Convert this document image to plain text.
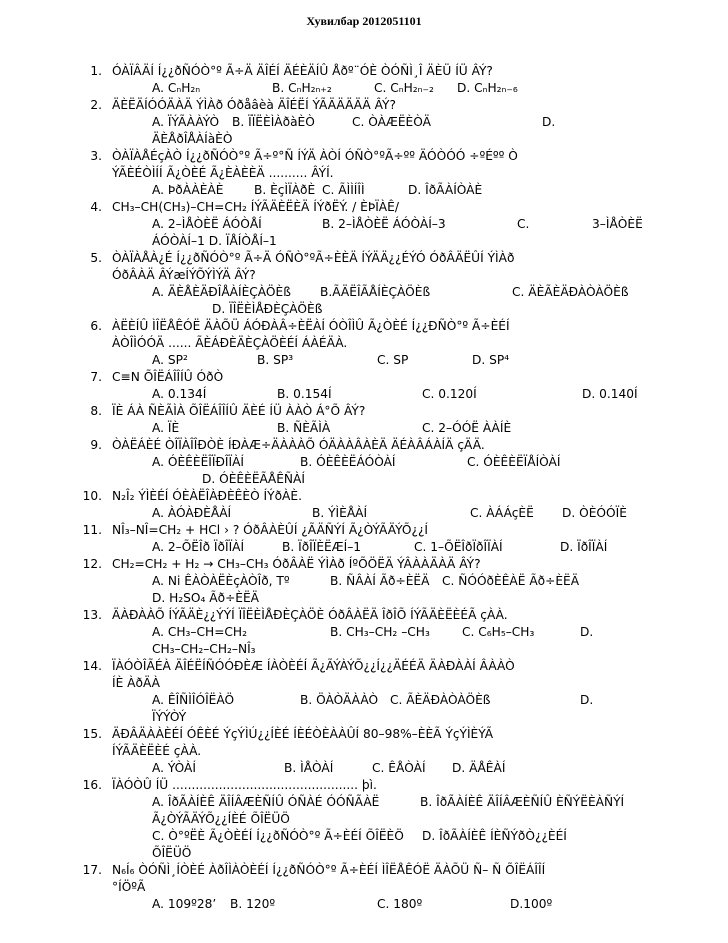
Хувилбар 2012051101
1. ÓÀÏÂÄÍ Í¿¿ðÑÓÒ°º Ã÷Ä ÄÎÉÍ ÄÉÈÄÍÛ Åðº¨ÓÈ ÒÓÑÌ¸Î ÄÈÜ ÍÜ ÂÝ?
A. CₙH₂ₙ	B. CₙH₂ₙ₊₂	C. CₙH₂ₙ₋₂ D. CₙH₂ₙ₋₆
2. ÄÈËÄÍÓÓÄÀÄ ÝÌÀð Óðåâèà ÄÎÉËÍ ÝÃÄÄÄÄÄ ÂÝ?
A. ÏÝÃÀÀÝÒ B. ÏÏËÈÌÀðàÈÒ	C. ÒÀÆËÈÒÄ	D.
ÄÈÅðÎÅÀÍàÈÒ
3. ÒÀÏÀÅÉçÀÒ Í¿¿ðÑÓÒ°º Ã÷º°Ñ ÍÝÄ ÀÒÍ ÓÑÒ°ºÃ÷ºº ÄÓÒÓÓ ÷ºÉºº Ò
ÝÃÈÉÒÌÍÍ Ã¿ÒÈÉ Ã¿ÈÀÈÈÄ .......... ÂÝÍ.
A. ÞðÀÀÈÀÈ	B. ÈçÌÏÀðÈ C. ÃÌÌÍÎÌ	D. ÎðÃÀÍÒÀÈ
4. CH₃–CH(CH₃)–CH=CH₂ ÍÝÃÄÈËÈÄ ÍÝðËÝ. / ÈÞÏÀÊ/
A. 2–ÌÅÒÈË ÁÓÒÅÍ	B. 2–ÌÅÒÈË ÁÓÒÀÍ–3	C.	3–ÌÅÒÈË
ÁÓÒÀÍ–1 D. ÏÅÍÒÅÍ–1
5. ÒÀÏÀÅÀ¿É Í¿¿ðÑÓÒ°º Ã÷Ä ÓÑÒ°ºÃ÷ÈÈÄ ÍÝÄÄ¿¿ÉÝÓ ÓðÂÄËÛÍ ÝÌÀð
ÓðÂÀÄ ÂÝæÍÝÕÝÌÝÄ ÂÝ?
A. ÄÈÅÈÄÐÎÅÀÍÈÇÀÖÈß B.ÃÄËÎÃÅÍÈÇÀÖÈß	C. ÄÈÃÈÄÐÀÒÀÖÈß
D. ÏÎËÈÌÅÐÈÇÀÖÈß
6. ÀËÈÍÛ ÌÎËÅÊÓË ÄÀÕÜ ÁÓÐÀÂ÷ÈËÀÍ ÓÒÎÌÛ Ã¿ÒÈÉ Í¿¿ÐÑÒ°º Ã÷ÈÉÍ
ÀÒÎÌÓÓÄ ...... ÃÈÁÐÈÄÈÇÀÖÈÉÍ ÁÀÉÄÀ.
A. SP²	B. SP³	C. SP	D. SP⁴
7. C≡N ÕÎËÁÎÎÍÛ ÓðÒ
A. 0.134Í	B. 0.154Í	C. 0.120Í	D. 0.140Í
8. ÏÈ ÁÀ ÑÈÃÌÀ ÕÎËÁÎÎÍÛ ÄÈÉ ÍÜ ÀÀÒ Á°Õ ÂÝ?
A. ÏÈ	B. ÑÈÃÌÀ	C. 2–ÓÓË ÀÀÍÈ
9. ÒÀËÁÈÉ ÒÎÏÀÎÎÐÒÈ ÍÐÀÆ÷ÄÀÀÀÕ ÓÄÀÀÂÀÈÄ ÄÉÀÂÁÀÍÄ çÄÄ.
A. ÓÈÊÈËÎÏÐÎÏÀÍ	B. ÓÈÊÈËÁÓÒÀÍ	C. ÓÈÊÈËÏÅÍÒÀÍ
D. ÓÈÊÈËÃÅÊÑÀÍ
10. N₂Î₂ ÝÌÈÉÍ ÓÈÀËÎÀÐÈÊÈÒ ÍÝðÀÈ.
A. ÀÓÀÐÈÅÀÍ	B. ÝÌÈÅÀÍ	C. ÀÁÁçÈË D. ÒÈÓÓÏÈ
11. NÎ₃–NÎ=CH₂ + HCl › ? ÓðÂÀÈÛÍ ¿ÃÄÑÝÍ Ã¿ÒÝÃÄÝÕ¿¿Í
A. 2–ÕËÎð ÏðÎÏÀÍ	B. ÏðÎÏÈËÆÍ–1	C. 1–ÕËÎðÏðÎÏÀÍ	D. ÏðÎÏÀÍ
12. CH₂=CH₂ + H₂ → CH₃–CH₃ ÓðÂÀË ÝÌÀð ÍºÕÖËÄ ÝÂÀÀÄÀÄ ÂÝ?
A. Ni ÊÀÒÀËÈçÀÒÎð, Tº	B. ÑÂÀÍ Ãð÷ÈËÄ C. ÑÓÓðÈÊÀË Ãð÷ÈËÄ
D. H₂SO₄ Ãð÷ÈËÄ
13. ÄÀÐÀÀÕ ÍÝÃÄÈ¿¿ÝÝÍ ÏÎËÈÌÅÐÈÇÀÖÈ ÓðÂÀËÄ ÎðÎÕ ÍÝÃÄÈËÈÉÃ çÀÀ.
A. CH₃–CH=CH₂	B. CH₃–CH₂ –CH₃	C. C₆H₅–CH₃	D.
CH₃–CH₂–CH₂–NÎ₃
14. ÏÀÓÒÎÃÉÀ ÄÎÉËÍÑÓÓÐÈÆ ÍÀÒÈÉÍ Ã¿ÃÝÀÝÕ¿¿Í¿¿ÄÉÉÄ ÄÀÐÀÀÍ ÂÀÀÒ
ÍÈ ÀðÄÀ
A. ÊÎÑÌÎÓÎËÀÖ	B. ÖÀÒÄÀÀÒ C. ÃÈÄÐÀÒÀÖÈß	D.
ÏÝÝÒÝ
15. ÄÐÂÄÀÀÈÉÍ ÓÊÈÉ ÝçÝÌÚ¿¿ÍÈÉ ÍÈÉÒÈÀÀÛÍ 80–98%–ÈÈÃ ÝçÝÌÈÝÃ
ÍÝÃÄÈËÈÉ çÀÀ.
A. ÝÒÀÍ	B. ÌÅÒÀÍ	C. ÊÅÒÀÍ D. ÄÅÊÀÍ
16. ÏÀÓÒÛ ÍÜ ................................................ þì.
A. ÎðÃÀÍÈÊ ÄÎÍÂÆÈÑÍÛ ÓÑÀÉ ÓÓÑÃÀË	B. ÎðÃÀÍÈÊ ÄÎÍÂÆÈÑÍÛ ÈÑÝËÈÀÑÝÍ
Ã¿ÒÝÃÄÝÕ¿¿ÍÈÉ ÕÎËÜÖ
C. Ò°ºËÈ Ã¿ÒÈÉÍ Í¿¿ðÑÓÒ°º Ã÷ÈÉÍ ÕÎËÈÖ D. ÎðÃÀÍÈÊ ÍÈÑÝðÒ¿¿ÈÉÍ
ÕÎËÜÖ
17. N₆Í₆ ÒÓÑÌ¸ÍÒÈÉ ÀðÎÌÀÒÈÉÍ Í¿¿ðÑÓÒ°º Ã÷ÈÉÍ ÌÎËÅÊÓË ÄÀÕÜ Ñ– Ñ ÕÎËÁÎÎÍ
°ÍÖºÃ
A. 109º28’ B. 120º	C. 180º	D.100º
